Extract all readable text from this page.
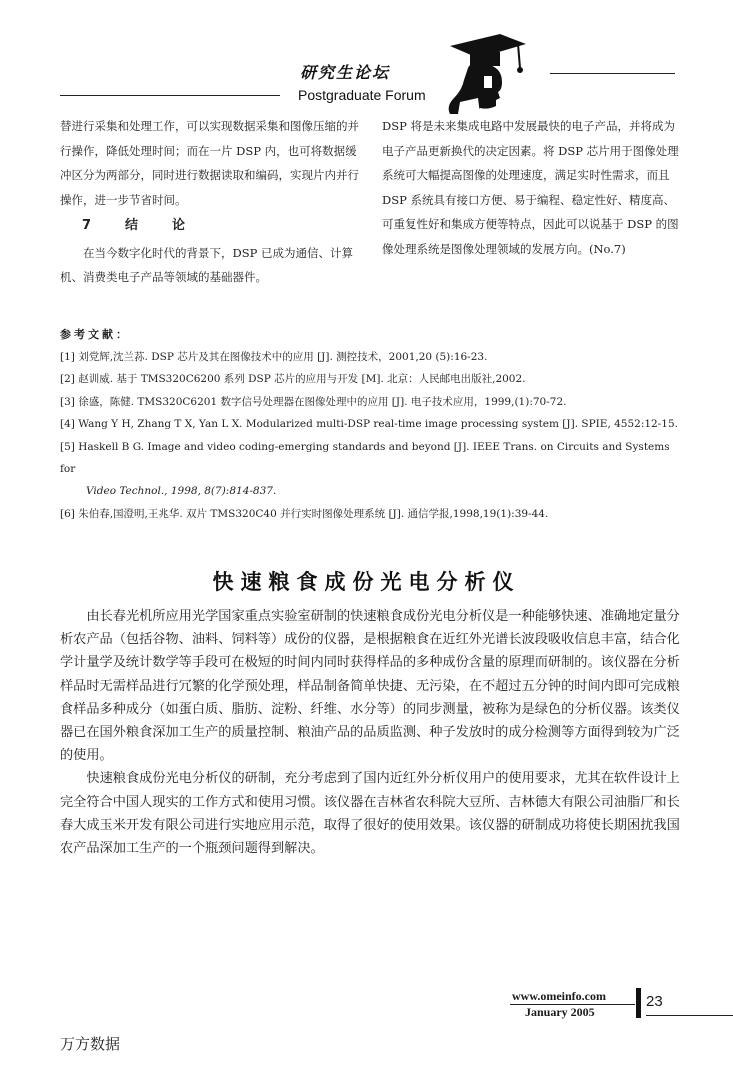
研究生论坛
Postgraduate Forum

替进行采集和处理工作，可以实现数据采集和图像压缩的并行操作，降低处理时间；而在一片 DSP 内，也可将数据缓冲区分为两部分，同时进行数据读取和编码，实现片内并行操作，进一步节省时间。

7结论

在当今数字化时代的背景下，DSP 已成为通信、计算机、消费类电子产品等领域的基础器件。

DSP 将是未来集成电路中发展最快的电子产品，并将成为电子产品更新换代的决定因素。将 DSP 芯片用于图像处理系统可大幅提高图像的处理速度，满足实时性需求，而且 DSP 系统具有接口方便、易于编程、稳定性好、精度高、可重复性好和集成方便等特点，因此可以说基于 DSP 的图像处理系统是图像处理领域的发展方向。(No.7)

参考文献：
[1] 刘党辉,沈兰荪. DSP 芯片及其在图像技术中的应用 [J]. 测控技术，2001,20 (5):16-23.
[2] 赵训威. 基于 TMS320C6200 系列 DSP 芯片的应用与开发 [M]. 北京：人民邮电出版社,2002.
[3] 徐盛，陈健. TMS320C6201 数字信号处理器在图像处理中的应用 [J]. 电子技术应用，1999,(1):70-72.
[4] Wang Y H, Zhang T X, Yan L X. Modularized multi-DSP real-time image processing system [J]. SPIE, 4552:12-15.
[5] Haskell B G. Image and video coding-emerging standards and beyond [J]. IEEE Trans. on Circuits and Systems for
Video Technol., 1998, 8(7):814-837.
[6] 朱伯春,国澄明,王兆华. 双片 TMS320C40 并行实时图像处理系统 [J]. 通信学报,1998,19(1):39-44.
快速粮食成份光电分析仪

由长春光机所应用光学国家重点实验室研制的快速粮食成份光电分析仪是一种能够快速、准确地定量分析农产品（包括谷物、油料、饲料等）成份的仪器，是根据粮食在近红外光谱长波段吸收信息丰富，结合化学计量学及统计数学等手段可在极短的时间内同时获得样品的多种成份含量的原理而研制的。该仪器在分析样品时无需样品进行冗繁的化学预处理，样品制备简单快捷、无污染，在不超过五分钟的时间内即可完成粮食样品多种成分（如蛋白质、脂肪、淀粉、纤维、水分等）的同步测量，被称为是绿色的分析仪器。该类仪器已在国外粮食深加工生产的质量控制、粮油产品的品质监测、种子发放时的成分检测等方面得到较为广泛的使用。

快速粮食成份光电分析仪的研制，充分考虑到了国内近红外分析仪用户的使用要求，尤其在软件设计上完全符合中国人现实的工作方式和使用习惯。该仪器在吉林省农科院大豆所、吉林德大有限公司油脂厂和长春大成玉米开发有限公司进行实地应用示范，取得了很好的使用效果。该仪器的研制成功将使长期困扰我国农产品深加工生产的一个瓶颈问题得到解决。

www.omeinfo.com
January 2005
23
万方数据
